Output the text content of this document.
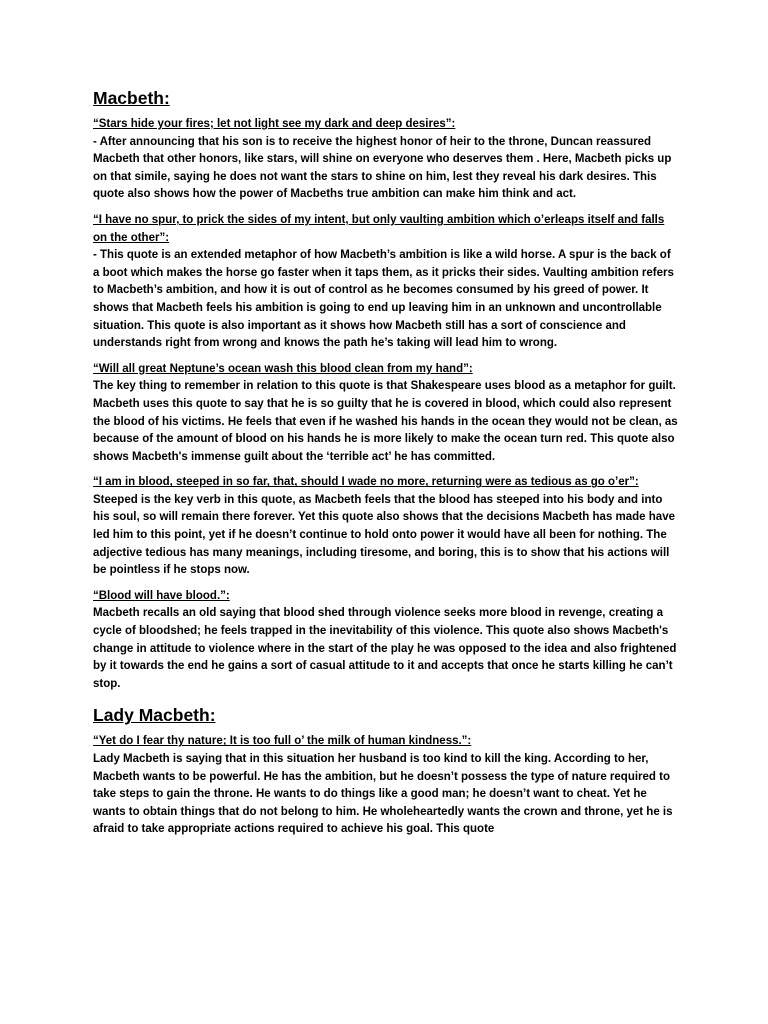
Macbeth:

“Stars hide your fires; let not light see my dark and deep desires”:

- After announcing that his son is to receive the highest honor of heir to the throne, Duncan reassured Macbeth that other honors, like stars, will shine on everyone who deserves them . Here, Macbeth picks up on that simile, saying he does not want the stars to shine on him, lest they reveal his dark desires. This quote also shows how the power of Macbeths true ambition can make him think and act.

“I have no spur, to prick the sides of my intent, but only vaulting ambition which o’erleaps itself and falls on the other”:

- This quote is an extended metaphor of how Macbeth’s ambition is like a wild horse. A spur is the back of a boot which makes the horse go faster when it taps them, as it pricks their sides. Vaulting ambition refers to Macbeth’s ambition, and how it is out of control as he becomes consumed by his greed of power. It shows that Macbeth feels his ambition is going to end up leaving him in an unknown and uncontrollable situation. This quote is also important as it shows how Macbeth still has a sort of conscience and understands right from wrong and knows the path he’s taking will lead him to wrong.

“Will all great Neptune’s ocean wash this blood clean from my hand”:

The key thing to remember in relation to this quote is that Shakespeare uses blood as a metaphor for guilt. Macbeth uses this quote to say that he is so guilty that he is covered in blood, which could also represent the blood of his victims. He feels that even if he washed his hands in the ocean they would not be clean, as because of the amount of blood on his hands he is more likely to make the ocean turn red. This quote also shows Macbeth's immense guilt about the ‘terrible act’ he has committed.

“I am in blood, steeped in so far, that, should I wade no more, returning were as tedious as go o’er”:

Steeped is the key verb in this quote, as Macbeth feels that the blood has steeped into his body and into his soul, so will remain there forever. Yet this quote also shows that the decisions Macbeth has made have led him to this point, yet if he doesn’t continue to hold onto power it would have all been for nothing. The adjective tedious has many meanings, including tiresome, and boring, this is to show that his actions will be pointless if he stops now.

“Blood will have blood.”:

Macbeth recalls an old saying that blood shed through violence seeks more blood in revenge, creating a cycle of bloodshed; he feels trapped in the inevitability of this violence. This quote also shows Macbeth's change in attitude to violence where in the start of the play he was opposed to the idea and also frightened by it towards the end he gains a sort of casual attitude to it and accepts that once he starts killing he can’t stop.

Lady Macbeth:

“Yet do I fear thy nature; It is too full o’ the milk of human kindness.”:

Lady Macbeth is saying that in this situation her husband is too kind to kill the king. According to her, Macbeth wants to be powerful. He has the ambition, but he doesn’t possess the type of nature required to take steps to gain the throne. He wants to do things like a good man; he doesn’t want to cheat. Yet he wants to obtain things that do not belong to him. He wholeheartedly wants the crown and throne, yet he is afraid to take appropriate actions required to achieve his goal. This quote
